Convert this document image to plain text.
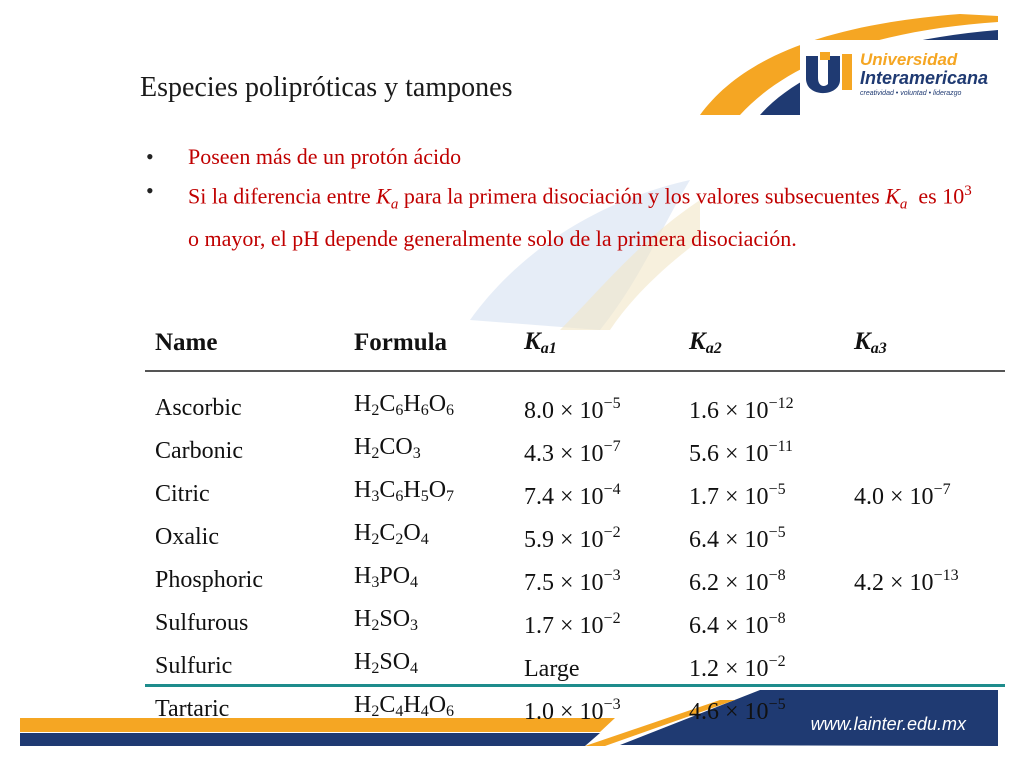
Universidad
Interamericana
creatividad • voluntad • liderazgo
Especies polipróticas y tampones
• Poseen más de un protón ácido
• Si la diferencia entre $K_a$ para la primera disociación y los valores subsecuentes $K_a$  es $10^3$ o mayor, el pH depende generalmente solo de la primera disociación.
Name	Formula	$K_{a1}$	$K_{a2}$	$K_{a3}$
Ascorbic	$H_2C_6H_6O_6$	$8.0 \times 10^{-5}$	$1.6 \times 10^{-12}$	
Carbonic	$H_2CO_3$	$4.3 \times 10^{-7}$	$5.6 \times 10^{-11}$	
Citric	$H_3C_6H_5O_7$	$7.4 \times 10^{-4}$	$1.7 \times 10^{-5}$	$4.0 \times 10^{-7}$
Oxalic	$H_2C_2O_4$	$5.9 \times 10^{-2}$	$6.4 \times 10^{-5}$	
Phosphoric	$H_3PO_4$	$7.5 \times 10^{-3}$	$6.2 \times 10^{-8}$	$4.2 \times 10^{-13}$
Sulfurous	$H_2SO_3$	$1.7 \times 10^{-2}$	$6.4 \times 10^{-8}$	
Sulfuric	$H_2SO_4$	Large	$1.2 \times 10^{-2}$	
Tartaric	$H_2C_4H_4O_6$	$1.0 \times 10^{-3}$	$4.6 \times 10^{-5}$	
www.lainter.edu.mx
